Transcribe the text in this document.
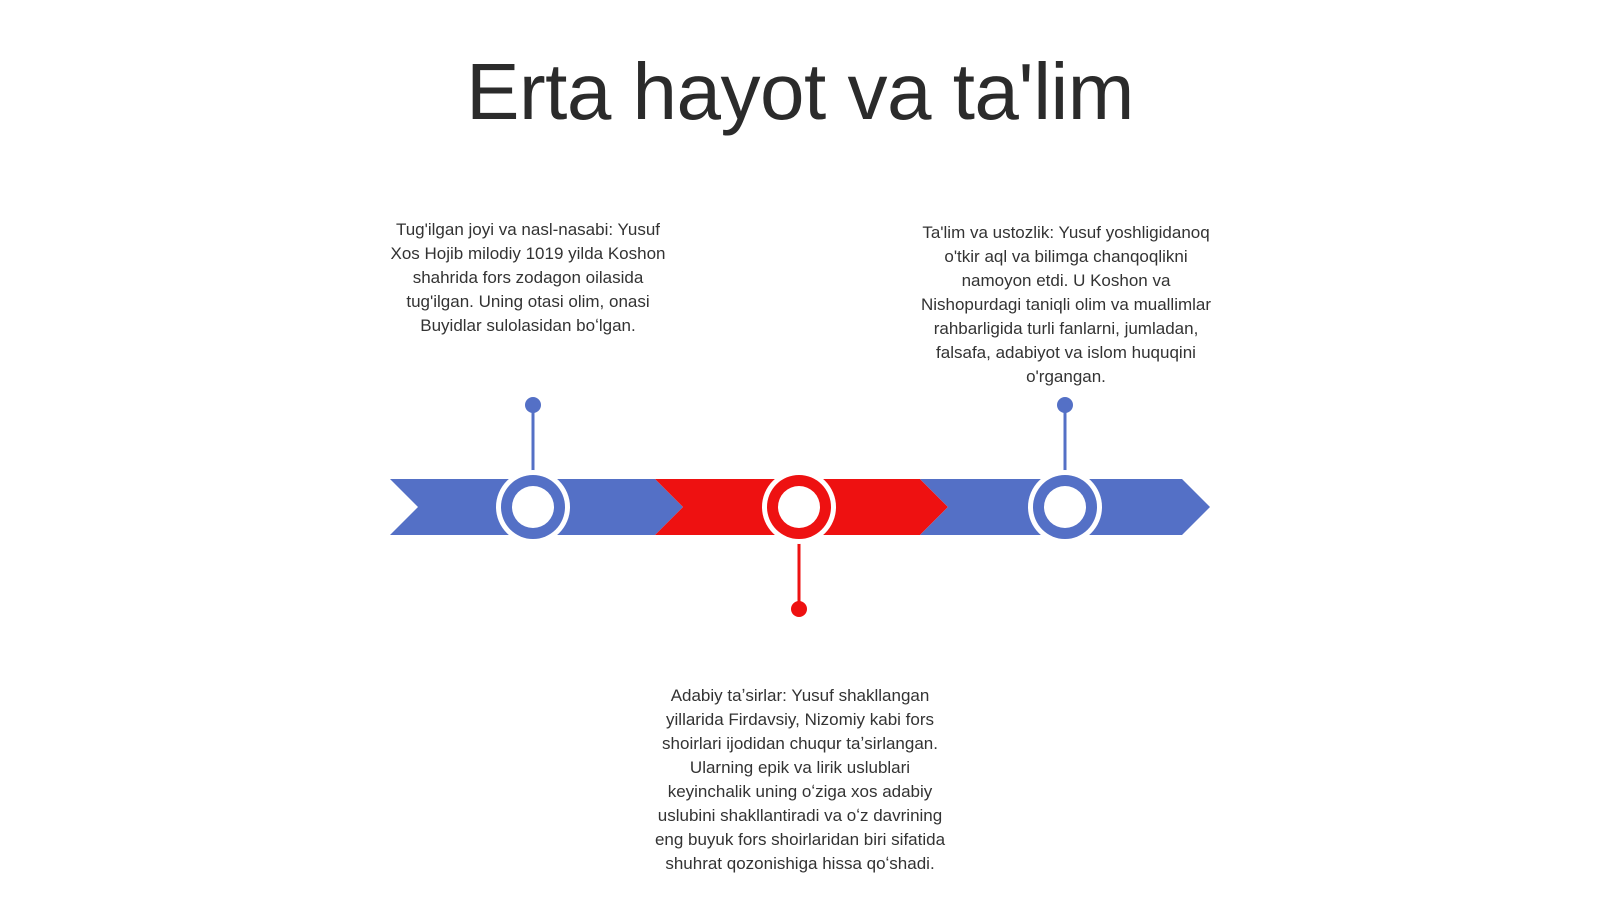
Erta hayot va ta'lim
Tug'ilgan joyi va nasl-nasabi: Yusuf Xos Hojib milodiy 1019 yilda Koshon shahrida fors zodagon oilasida tug'ilgan. Uning otasi olim, onasi Buyidlar sulolasidan boʻlgan.
Adabiy taʼsirlar: Yusuf shakllangan yillarida Firdavsiy, Nizomiy kabi fors shoirlari ijodidan chuqur taʼsirlangan. Ularning epik va lirik uslublari keyinchalik uning oʻziga xos adabiy uslubini shakllantiradi va oʻz davrining eng buyuk fors shoirlaridan biri sifatida shuhrat qozonishiga hissa qoʻshadi.
Ta'lim va ustozlik: Yusuf yoshligidanoq o'tkir aql va bilimga chanqoqlikni namoyon etdi. U Koshon va Nishopurdagi taniqli olim va muallimlar rahbarligida turli fanlarni, jumladan, falsafa, adabiyot va islom huquqini o'rgangan.
